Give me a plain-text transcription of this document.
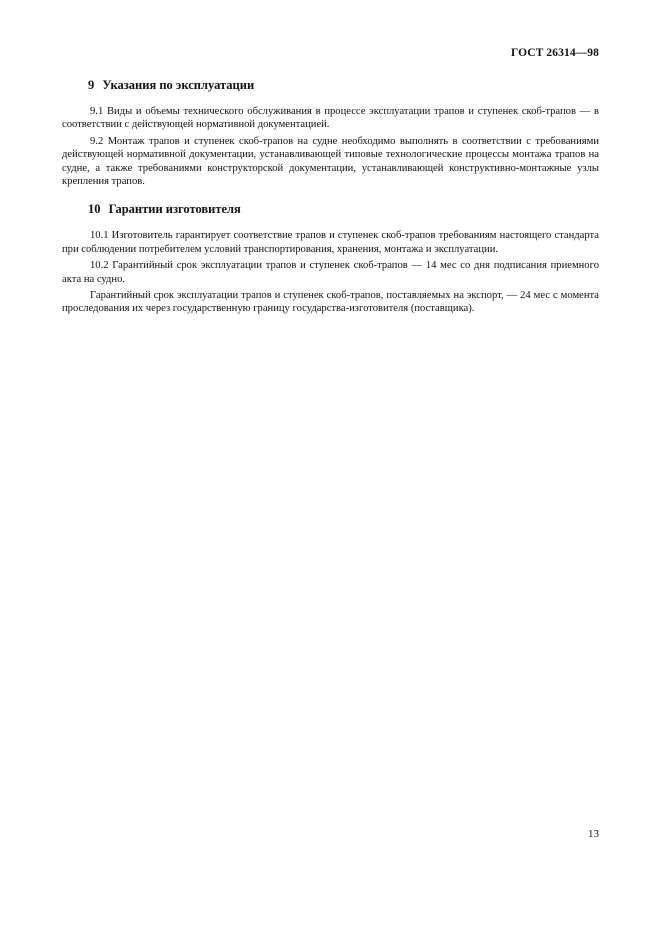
ГОСТ 26314—98
9 Указания по эксплуатации

9.1 Виды и объемы технического обслуживания в процессе эксплуатации трапов и ступенек скоб-трапов — в соответствии с действующей нормативной документацией.

9.2 Монтаж трапов и ступенек скоб-трапов на судне необходимо выполнять в соответствии с требованиями действующей нормативной документации, устанавливающей типовые технологические процессы монтажа трапов на судне, а также требованиями конструкторской документации, устанавливающей конструктивно-монтажные узлы крепления трапов.

10 Гарантии изготовителя

10.1 Изготовитель гарантирует соответствие трапов и ступенек скоб-трапов требованиям настоящего стандарта при соблюдении потребителем условий транспортирования, хранения, монтажа и эксплуатации.

10.2 Гарантийный срок эксплуатации трапов и ступенек скоб-трапов — 14 мес со дня подписания приемного акта на судно.

Гарантийный срок эксплуатации трапов и ступенек скоб-трапов, поставляемых на экспорт, — 24 мес с момента проследования их через государственную границу государства-изготовителя (поставщика).

13
